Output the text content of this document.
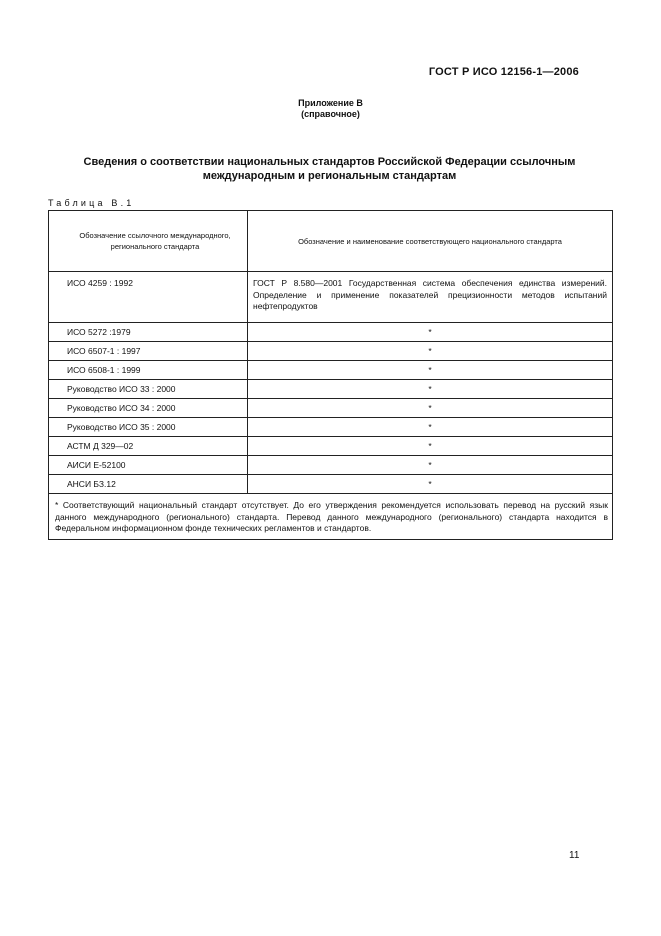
ГОСТ Р ИСО 12156-1—2006
Приложение В
(справочное)
Сведения о соответствии национальных стандартов Российской Федерации ссылочным международным и региональным стандартам
Таблица В.1
Обозначение ссылочного международного, регионального стандарта	Обозначение и наименование соответствующего национального стандарта
ИСО 4259 : 1992	ГОСТ Р 8.580—2001 Государственная система обеспечения единства измерений. Определение и применение показателей прецизионности методов испытаний нефтепродуктов
ИСО 5272 :1979	*
ИСО 6507-1 : 1997	*
ИСО 6508-1 : 1999	*
Руководство ИСО 33 : 2000	*
Руководство ИСО 34 : 2000	*
Руководство ИСО 35 : 2000	*
АСТМ Д 329—02	*
АИСИ Е-52100	*
АНСИ БЗ.12	*
* Соответствующий национальный стандарт отсутствует. До его утверждения рекомендуется использовать перевод на русский язык данного международного (регионального) стандарта. Перевод данного международного (регионального) стандарта находится в Федеральном информационном фонде технических регламентов и стандартов.	
11
